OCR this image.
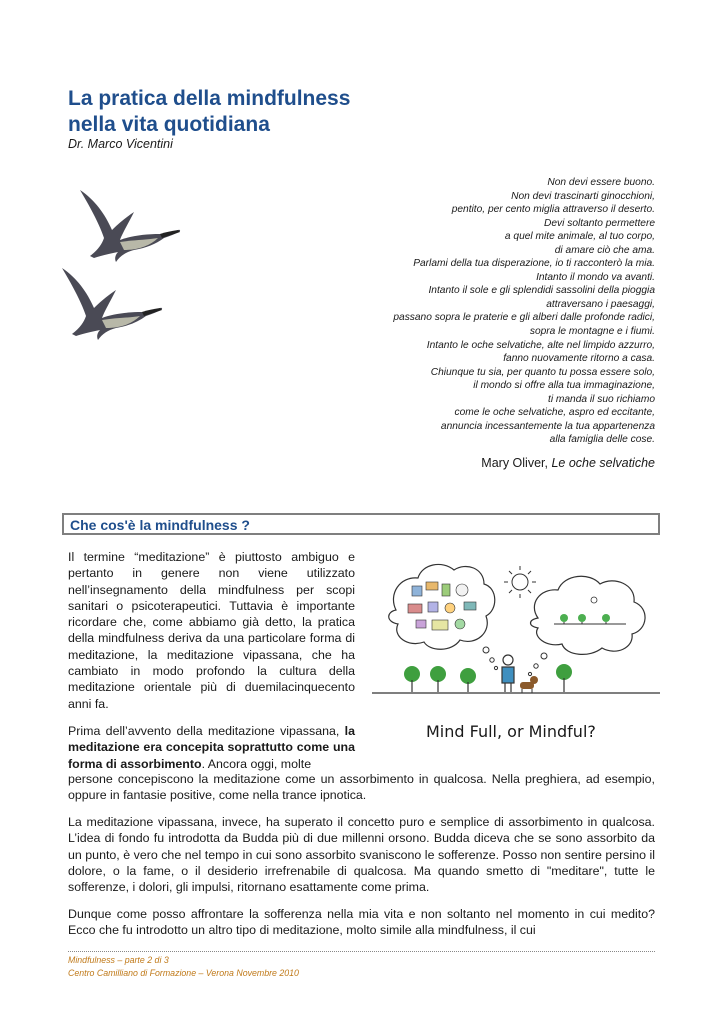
La pratica della mindfulness
nella vita quotidiana
Dr. Marco Vicentini
Non devi essere buono.
Non devi trascinarti ginocchioni,
pentito, per cento miglia attraverso il deserto.
Devi soltanto permettere
a quel mite animale, al tuo corpo,
di amare ciò che ama.
Parlami della tua disperazione, io ti racconterò la mia.
Intanto il mondo va avanti.
Intanto il sole e gli splendidi sassolini della pioggia
attraversano i paesaggi,
passano sopra le praterie e gli alberi dalle profonde radici,
sopra le montagne e i fiumi.
Intanto le oche selvatiche, alte nel limpido azzurro,
fanno nuovamente ritorno a casa.
Chiunque tu sia, per quanto tu possa essere solo,
il mondo si offre alla tua immaginazione,
ti manda il suo richiamo
come le oche selvatiche, aspro ed eccitante,
annuncia incessantemente la tua appartenenza
alla famiglia delle cose.
Mary Oliver, Le oche selvatiche
Che cos'è la mindfulness ?

Il termine “meditazione” è piuttosto ambiguo e pertanto in genere non viene utilizzato nell’insegnamento della mindfulness per scopi sanitari o psicoterapeutici. Tuttavia è importante ricordare che, come abbiamo già detto, la pratica della mindfulness deriva da una particolare forma di meditazione, la meditazione vipassana, che ha cambiato in modo profondo la cultura della meditazione orientale più di duemilacinquecento anni fa.

Prima dell’avvento della meditazione vipassana, la meditazione era concepita soprattutto come una forma di assorbimento. Ancora oggi, molte

persone concepiscono la meditazione come un assorbimento in qualcosa. Nella preghiera, ad esempio, oppure in fantasie positive, come nella trance ipnotica.

La meditazione vipassana, invece, ha superato il concetto puro e semplice di assorbimento in qualcosa. L’idea di fondo fu introdotta da Budda più di due millenni orsono. Budda diceva che se sono assorbito da un punto, è vero che nel tempo in cui sono assorbito svaniscono le sofferenze. Posso non sentire persino il dolore, o la fame, o il desiderio irrefrenabile di qualcosa. Ma quando smetto di "meditare", tutte le sofferenze, i dolori, gli impulsi, ritornano esattamente come prima.

Dunque come posso affrontare la sofferenza nella mia vita e non soltanto nel momento in cui medito? Ecco che fu introdotto un altro tipo di meditazione, molto simile alla mindfulness, il cui

Mind Full, or Mindful?
Mindfulness – parte 2 di 3
Centro Camilliano di Formazione – Verona Novembre 2010
